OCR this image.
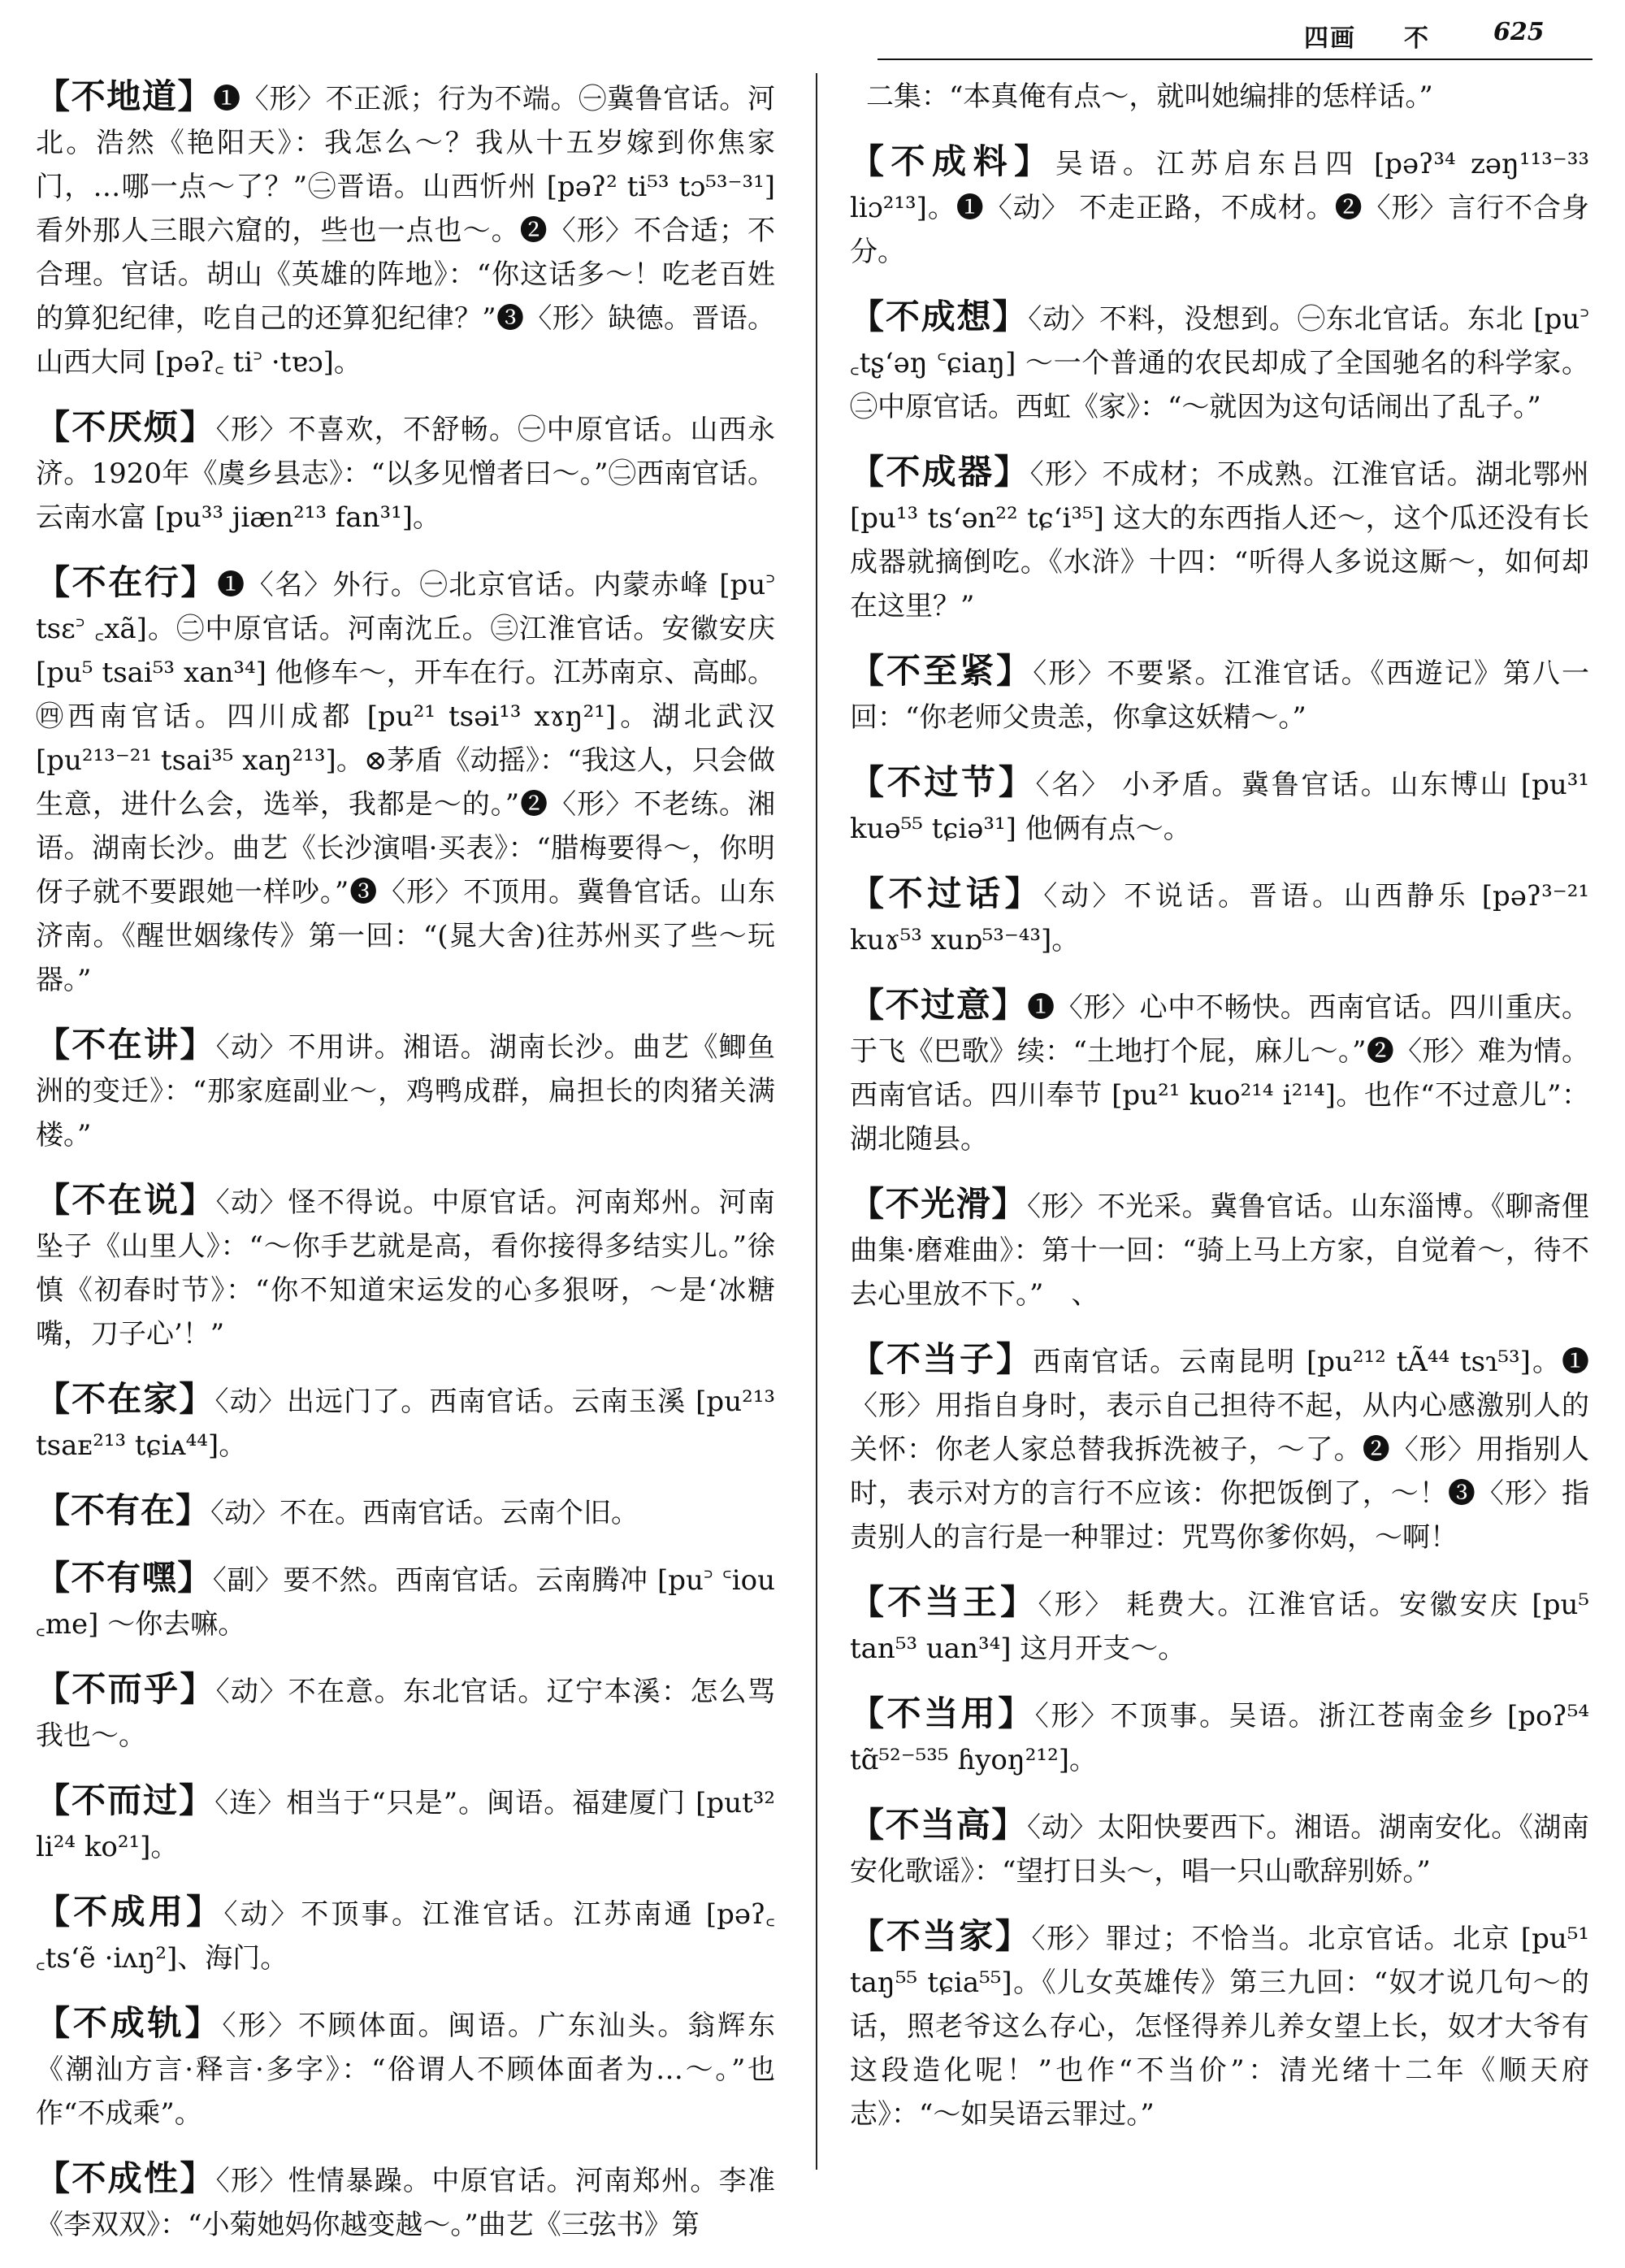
四画 不	625

【不地道】❶〈形〉不正派；行为不端。㊀冀鲁官话。河北。浩然《艳阳天》：我怎么～？我从十五岁嫁到你焦家门，…哪一点～了？”㊁晋语。山西忻州 [pəʔ² ti⁵³ tɔ⁵³⁻³¹] 看外那人三眼六窟的，些也一点也～。❷〈形〉不合适；不合理。官话。胡山《英雄的阵地》：“你这话多～！吃老百姓的算犯纪律，吃自己的还算犯纪律？”❸〈形〉缺德。晋语。山西大同 [pəʔ꜀ ti꜄ ·tɐɔ]。

【不厌烦】〈形〉不喜欢，不舒畅。㊀中原官话。山西永济。1920年《虞乡县志》：“以多见憎者曰～。”㊁西南官话。云南水富 [pu³³ jiæn²¹³ fan³¹]。

【不在行】❶〈名〉外行。㊀北京官话。内蒙赤峰 [pu꜄ tsɛ꜄ ꜀xã]。㊁中原官话。河南沈丘。㊂江淮官话。安徽安庆 [pu⁵ tsai⁵³ xan³⁴] 他修车～，开车在行。江苏南京、高邮。㊃西南官话。四川成都 [pu²¹ tsəi¹³ xɤŋ²¹]。湖北武汉 [pu²¹³⁻²¹ tsai³⁵ xaŋ²¹³]。⊗茅盾《动摇》：“我这人，只会做生意，进什么会，选举，我都是～的。”❷〈形〉不老练。湘语。湖南长沙。曲艺《长沙演唱·买表》：“腊梅要得～，你明伢子就不要跟她一样吵。”❸〈形〉不顶用。冀鲁官话。山东济南。《醒世姻缘传》第一回：“(晁大舍)往苏州买了些～玩器。”

【不在讲】〈动〉不用讲。湘语。湖南长沙。曲艺《鲫鱼洲的变迁》：“那家庭副业～，鸡鸭成群，扁担长的肉猪关满楼。”

【不在说】〈动〉怪不得说。中原官话。河南郑州。河南坠子《山里人》：“～你手艺就是高，看你接得多结实儿。”徐慎《初春时节》：“你不知道宋运发的心多狠呀，～是‘冰糖嘴，刀子心’！”

【不在家】〈动〉出远门了。西南官话。云南玉溪 [pu²¹³ tsaᴇ²¹³ tɕiᴀ⁴⁴]。

【不有在】〈动〉不在。西南官话。云南个旧。

【不有嘿】〈副〉要不然。西南官话。云南腾冲 [pu꜄ ꜂iou ꜀me] ～你去嘛。

【不而乎】〈动〉不在意。东北官话。辽宁本溪：怎么骂我也～。

【不而过】〈连〉相当于“只是”。闽语。福建厦门 [put³² li²⁴ ko²¹]。

【不成用】〈动〉不顶事。江淮官话。江苏南通 [pəʔ꜀ ꜀ts‘ẽ ·iʌŋ²]、海门。

【不成轨】〈形〉不顾体面。闽语。广东汕头。翁辉东《潮汕方言·释言·多字》：“俗谓人不顾体面者为…～。”也作“不成乘”。

【不成性】〈形〉性情暴躁。中原官话。河南郑州。李准《李双双》：“小菊她妈你越变越～。”曲艺《三弦书》第

二集：“本真俺有点～，就叫她编排的恁样话。”

【不成料】吴语。江苏启东吕四 [pəʔ³⁴ zəŋ¹¹³⁻³³ liɔ²¹³]。❶〈动〉 不走正路，不成材。❷〈形〉言行不合身分。

【不成想】〈动〉不料，没想到。㊀东北官话。东北 [pu꜄ ꜀tʂ‘əŋ ꜂ɕiaŋ] ～一个普通的农民却成了全国驰名的科学家。㊁中原官话。西虹《家》：“～就因为这句话闹出了乱子。”

【不成器】〈形〉不成材；不成熟。江淮官话。湖北鄂州 [pu¹³ ts‘ən²² tɕ‘i³⁵] 这大的东西指人还～，这个瓜还没有长成器就摘倒吃。《水浒》十四：“听得人多说这厮～，如何却在这里？”

【不至紧】〈形〉不要紧。江淮官话。《西遊记》第八一回：“你老师父贵恙，你拿这妖精～。”

【不过节】〈名〉 小矛盾。冀鲁官话。山东博山 [pu³¹ kuə⁵⁵ tɕiə³¹] 他俩有点～。

【不过话】〈动〉不说话。晋语。山西静乐 [pəʔ³⁻²¹ kuɤ⁵³ xuɒ⁵³⁻⁴³]。

【不过意】❶〈形〉心中不畅快。西南官话。四川重庆。于飞《巴歌》续：“土地打个屁，麻儿～。”❷〈形〉难为情。西南官话。四川奉节 [pu²¹ kuo²¹⁴ i²¹⁴]。也作“不过意儿”：湖北随县。

【不光滑】〈形〉不光采。冀鲁官话。山东淄博。《聊斋俚曲集·磨难曲》：第十一回：“骑上马上方家，自觉着～，待不去心里放不下。”　、

【不当子】西南官话。云南昆明 [pu²¹² tÃ⁴⁴ tsɿ⁵³]。❶〈形〉用指自身时，表示自己担待不起，从内心感激别人的关怀：你老人家总替我拆洗被子，～了。❷〈形〉用指别人时，表示对方的言行不应该：你把饭倒了，～！❸〈形〉指责别人的言行是一种罪过：咒骂你爹你妈，～啊！

【不当王】〈形〉 耗费大。江淮官话。安徽安庆 [pu⁵ tan⁵³ uan³⁴] 这月开支～。

【不当用】〈形〉不顶事。吴语。浙江苍南金乡 [poʔ⁵⁴ tɑ̃⁵²⁻⁵³⁵ ɦyoŋ²¹²]。

【不当高】〈动〉太阳快要西下。湘语。湖南安化。《湖南安化歌谣》：“望打日头～，唱一只山歌辞别娇。”

【不当家】〈形〉罪过；不恰当。北京官话。北京 [pu⁵¹ taŋ⁵⁵ tɕia⁵⁵]。《儿女英雄传》第三九回：“奴才说几句～的话，照老爷这么存心，怎怪得养儿养女望上长，奴才大爷有这段造化呢！”也作“不当价”：清光绪十二年《顺天府志》：“～如吴语云罪过。”
